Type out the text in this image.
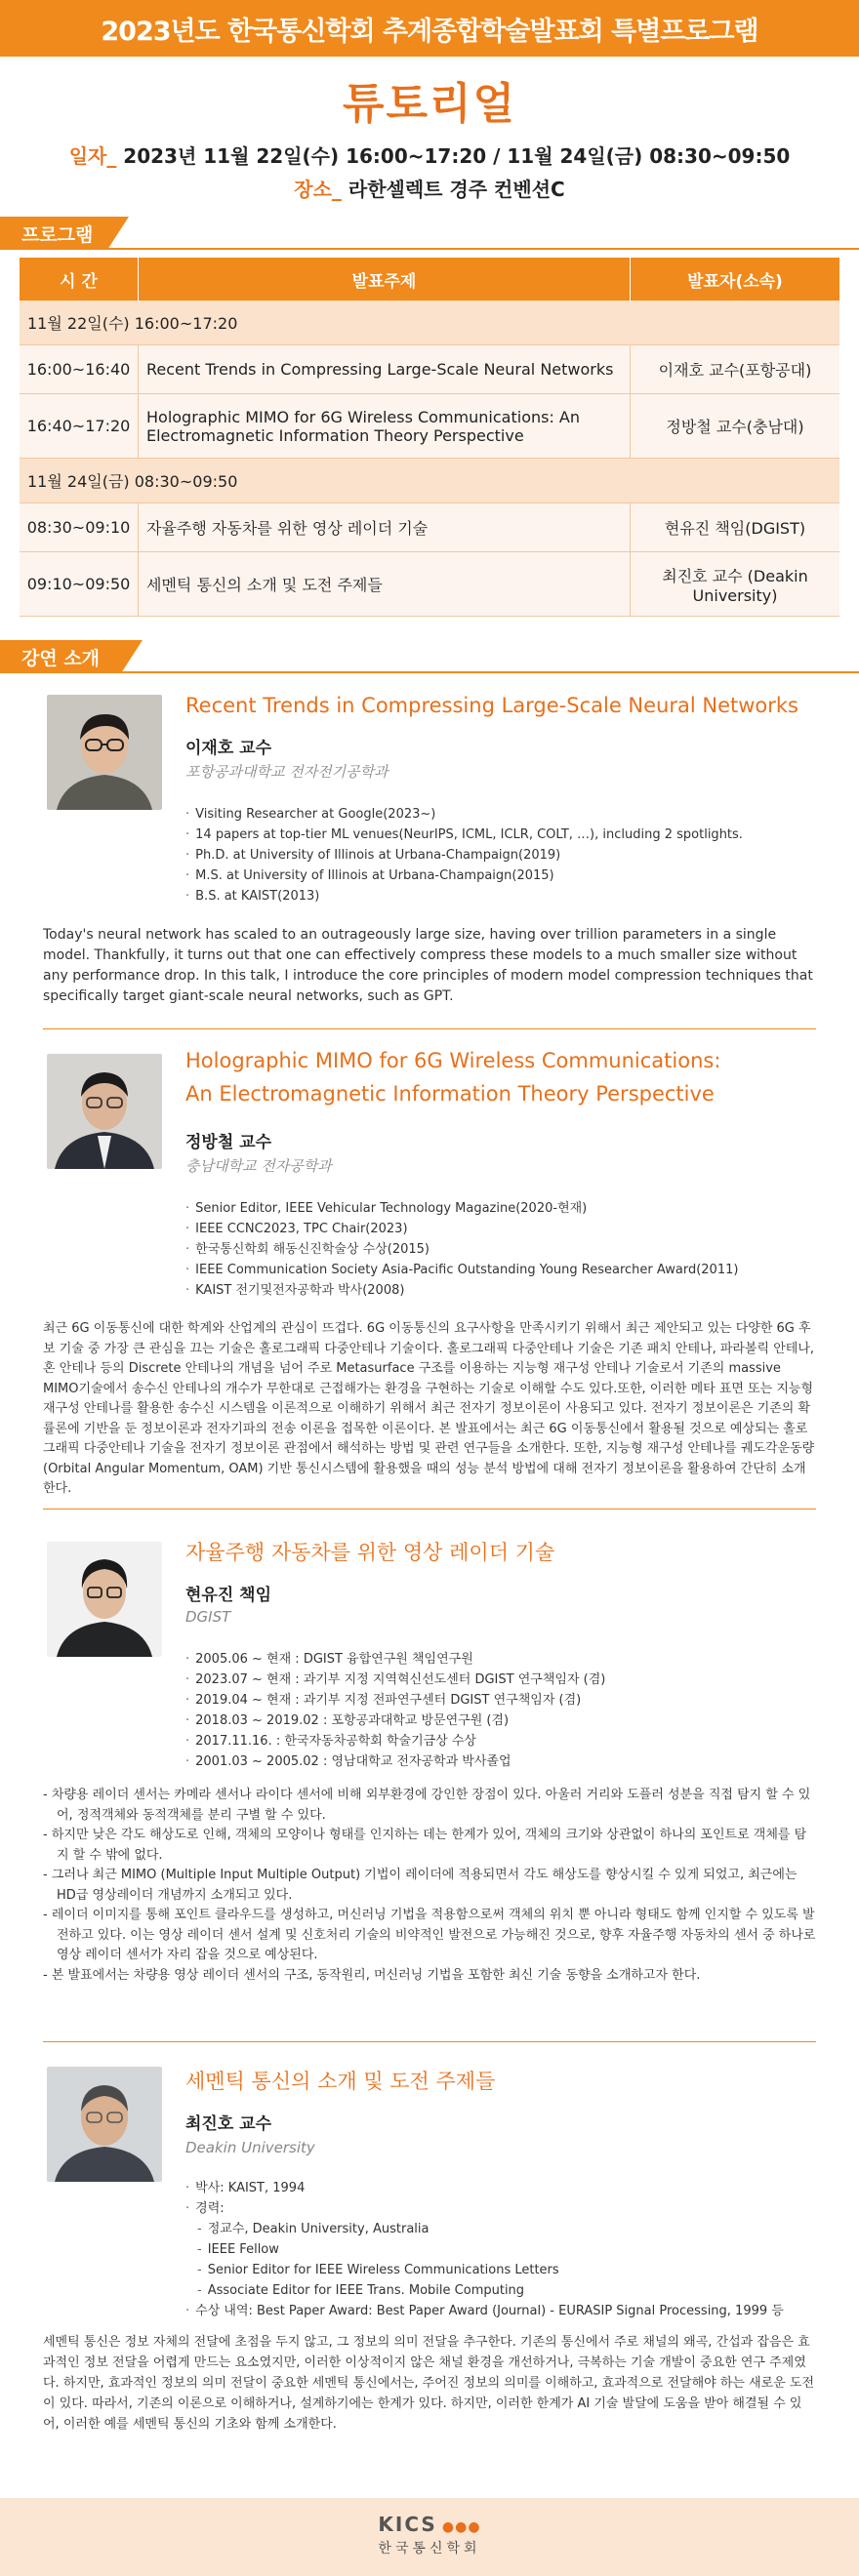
2023년도 한국통신학회 추계종합학술발표회 특별프로그램
튜토리얼
일자_ 2023년 11월 22일(수) 16:00~17:20 / 11월 24일(금) 08:30~09:50
장소_ 라한셀렉트 경주 컨벤션C
프로그램
시 간	발표주제	발표자(소속)
11월 22일(수) 16:00~17:20
16:00~16:40	Recent Trends in Compressing Large-Scale Neural Networks	이재호 교수(포항공대)
16:40~17:20	Holographic MIMO for 6G Wireless Communications: An Electromagnetic Information Theory Perspective	정방철 교수(충남대)
11월 24일(금) 08:30~09:50
08:30~09:10	자율주행 자동차를 위한 영상 레이더 기술	현유진 책임(DGIST)
09:10~09:50	세멘틱 통신의 소개 및 도전 주제들	최진호 교수 (Deakin University)
강연 소개
Recent Trends in Compressing Large-Scale Neural Networks
이재호 교수
포항공과대학교 전자전기공학과
· Visiting Researcher at Google(2023~)
· 14 papers at top-tier ML venues(NeurIPS, ICML, ICLR, COLT, …), including 2 spotlights.
· Ph.D. at University of Illinois at Urbana-Champaign(2019)
· M.S. at University of Illinois at Urbana-Champaign(2015)
· B.S. at KAIST(2013)
Today's neural network has scaled to an outrageously large size, having over trillion parameters in a single model. Thankfully, it turns out that one can effectively compress these models to a much smaller size without any performance drop. In this talk, I introduce the core principles of modern model compression techniques that specifically target giant-scale neural networks, such as GPT.
Holographic MIMO for 6G Wireless Communications:
An Electromagnetic Information Theory Perspective
정방철 교수
충남대학교 전자공학과
· Senior Editor, IEEE Vehicular Technology Magazine(2020-현재)
· IEEE CCNC2023, TPC Chair(2023)
· 한국통신학회 해동신진학술상 수상(2015)
· IEEE Communication Society Asia-Pacific Outstanding Young Researcher Award(2011)
· KAIST 전기및전자공학과 박사(2008)
최근 6G 이동통신에 대한 학계와 산업계의 관심이 뜨겁다. 6G 이동통신의 요구사항을 만족시키기 위해서 최근 제안되고 있는 다양한 6G 후보 기술 중 가장 큰 관심을 끄는 기술은 홀로그래픽 다중안테나 기술이다. 홀로그래픽 다중안테나 기술은 기존 패치 안테나, 파라볼릭 안테나, 혼 안테나 등의 Discrete 안테나의 개념을 넘어 주로 Metasurface 구조를 이용하는 지능형 재구성 안테나 기술로서 기존의 massive MIMO기술에서 송수신 안테나의 개수가 무한대로 근접해가는 환경을 구현하는 기술로 이해할 수도 있다.또한, 이러한 메타 표면 또는 지능형 재구성 안테나를 활용한 송수신 시스템을 이론적으로 이해하기 위해서 최근 전자기 정보이론이 사용되고 있다. 전자기 정보이론은 기존의 확률론에 기반을 둔 정보이론과 전자기파의 전송 이론을 접목한 이론이다. 본 발표에서는 최근 6G 이동통신에서 활용될 것으로 예상되는 홀로그래픽 다중안테나 기술을 전자기 정보이론 관점에서 해석하는 방법 및 관련 연구들을 소개한다. 또한, 지능형 재구성 안테나를 궤도각운동량 (Orbital Angular Momentum, OAM) 기반 통신시스템에 활용했을 때의 성능 분석 방법에 대해 전자기 정보이론을 활용하여 간단히 소개한다.
자율주행 자동차를 위한 영상 레이더 기술
현유진 책임
DGIST
· 2005.06 ~ 현재 : DGIST 융합연구원 책임연구원
· 2023.07 ~ 현재 : 과기부 지정 지역혁신선도센터 DGIST 연구책임자 (겸)
· 2019.04 ~ 현재 : 과기부 지정 전파연구센터 DGIST 연구책임자 (겸)
· 2018.03 ~ 2019.02 : 포항공과대학교 방문연구원 (겸)
· 2017.11.16. : 한국자동차공학회 학술기금상 수상
· 2001.03 ~ 2005.02 : 영남대학교 전자공학과 박사졸업

- 차량용 레이더 센서는 카메라 센서나 라이다 센서에 비해 외부환경에 강인한 장점이 있다. 아울러 거리와 도플러 성분을 직접 탐지 할 수 있어, 정적객체와 동적객체를 분리 구별 할 수 있다.

- 하지만 낮은 각도 해상도로 인해, 객체의 모양이나 형태를 인지하는 데는 한계가 있어, 객체의 크기와 상관없이 하나의 포인트로 객체를 탐지 할 수 밖에 없다.

- 그러나 최근 MIMO (Multiple Input Multiple Output) 기법이 레이더에 적용되면서 각도 해상도를 향상시킬 수 있게 되었고, 최근에는 HD급 영상레이더 개념까지 소개되고 있다.

- 레이더 이미지를 통해 포인트 클라우드를 생성하고, 머신러닝 기법을 적용함으로써 객체의 위치 뿐 아니라 형태도 함께 인지할 수 있도록 발전하고 있다. 이는 영상 레이더 센서 설계 및 신호처리 기술의 비약적인 발전으로 가능해진 것으로, 향후 자율주행 자동차의 센서 중 하나로 영상 레이더 센서가 자리 잡을 것으로 예상된다.

- 본 발표에서는 차량용 영상 레이더 센서의 구조, 동작원리, 머신러닝 기법을 포함한 최신 기술 동향을 소개하고자 한다.

세멘틱 통신의 소개 및 도전 주제들
최진호 교수
Deakin University
· 박사: KAIST, 1994
· 경력:
- 정교수, Deakin University, Australia
- IEEE Fellow
- Senior Editor for IEEE Wireless Communications Letters
- Associate Editor for IEEE Trans. Mobile Computing
· 수상 내역: Best Paper Award: Best Paper Award (Journal) - EURASIP Signal Processing, 1999 등
세멘틱 통신은 정보 자체의 전달에 초점을 두지 않고, 그 정보의 의미 전달을 추구한다. 기존의 통신에서 주로 채널의 왜곡, 간섭과 잡음은 효과적인 정보 전달을 어렵게 만드는 요소였지만, 이러한 이상적이지 않은 채널 환경을 개선하거나, 극복하는 기술 개발이 중요한 연구 주제였다. 하지만, 효과적인 정보의 의미 전달이 중요한 세멘틱 통신에서는, 주어진 정보의 의미를 이해하고, 효과적으로 전달해야 하는 새로운 도전이 있다. 따라서, 기존의 이론으로 이해하거나, 설계하기에는 한계가 있다. 하지만, 이러한 한계가 AI 기술 발달에 도움을 받아 해결될 수 있어, 이러한 예를 세멘틱 통신의 기초와 함께 소개한다.
KICS ●●●
한국통신학회
